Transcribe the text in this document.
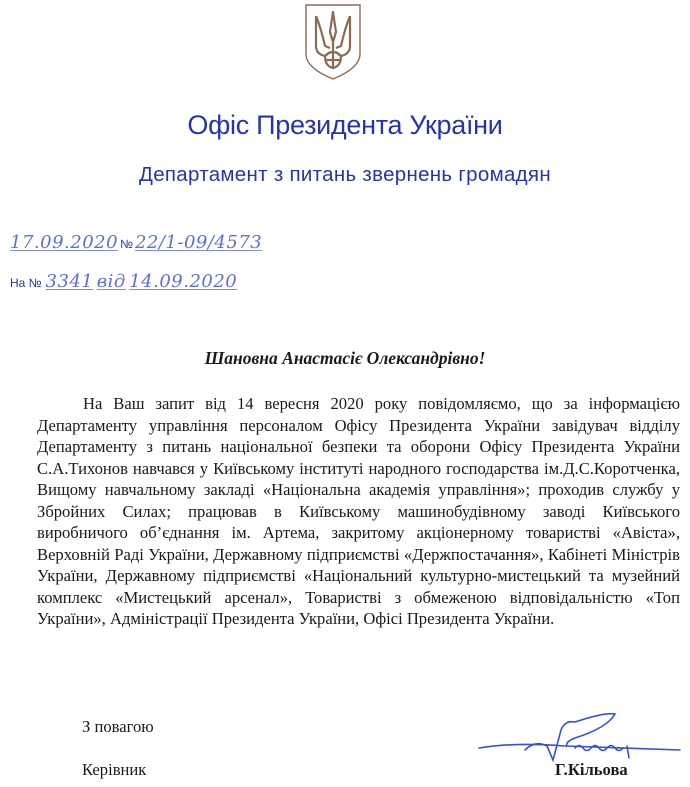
Офіс Президента України
Департамент з питань звернень громадян
17.09.2020 № 22/1-09/4573
На № 3341 від 14.09.2020
Шановна Анастасіє Олександрівно!

На Ваш запит від 14 вересня 2020 року повідомляємо, що за інформацією Департаменту управління персоналом Офісу Президента України завідувач відділу Департаменту з питань національної безпеки та оборони Офісу Президента України С.А.Тихонов навчався у Київському інституті народного господарства ім.Д.С.Коротченка, Вищому навчальному закладі «Національна академія управління»; проходив службу у Збройних Силах; працював в Київському машинобудівному заводі Київського виробничого об’єднання ім. Артема, закритому акціонерному товаристві «Авіста», Верховній Раді України, Державному підприємстві «Держпостачання», Кабінеті Міністрів України, Державному підприємстві «Національний культурно-мистецький та музейний комплекс «Мистецький арсенал», Товаристві з обмеженою відповідальністю «Топ України», Адміністрації Президента України, Офісі Президента України.

З повагою
Керівник	Г.Кільова
